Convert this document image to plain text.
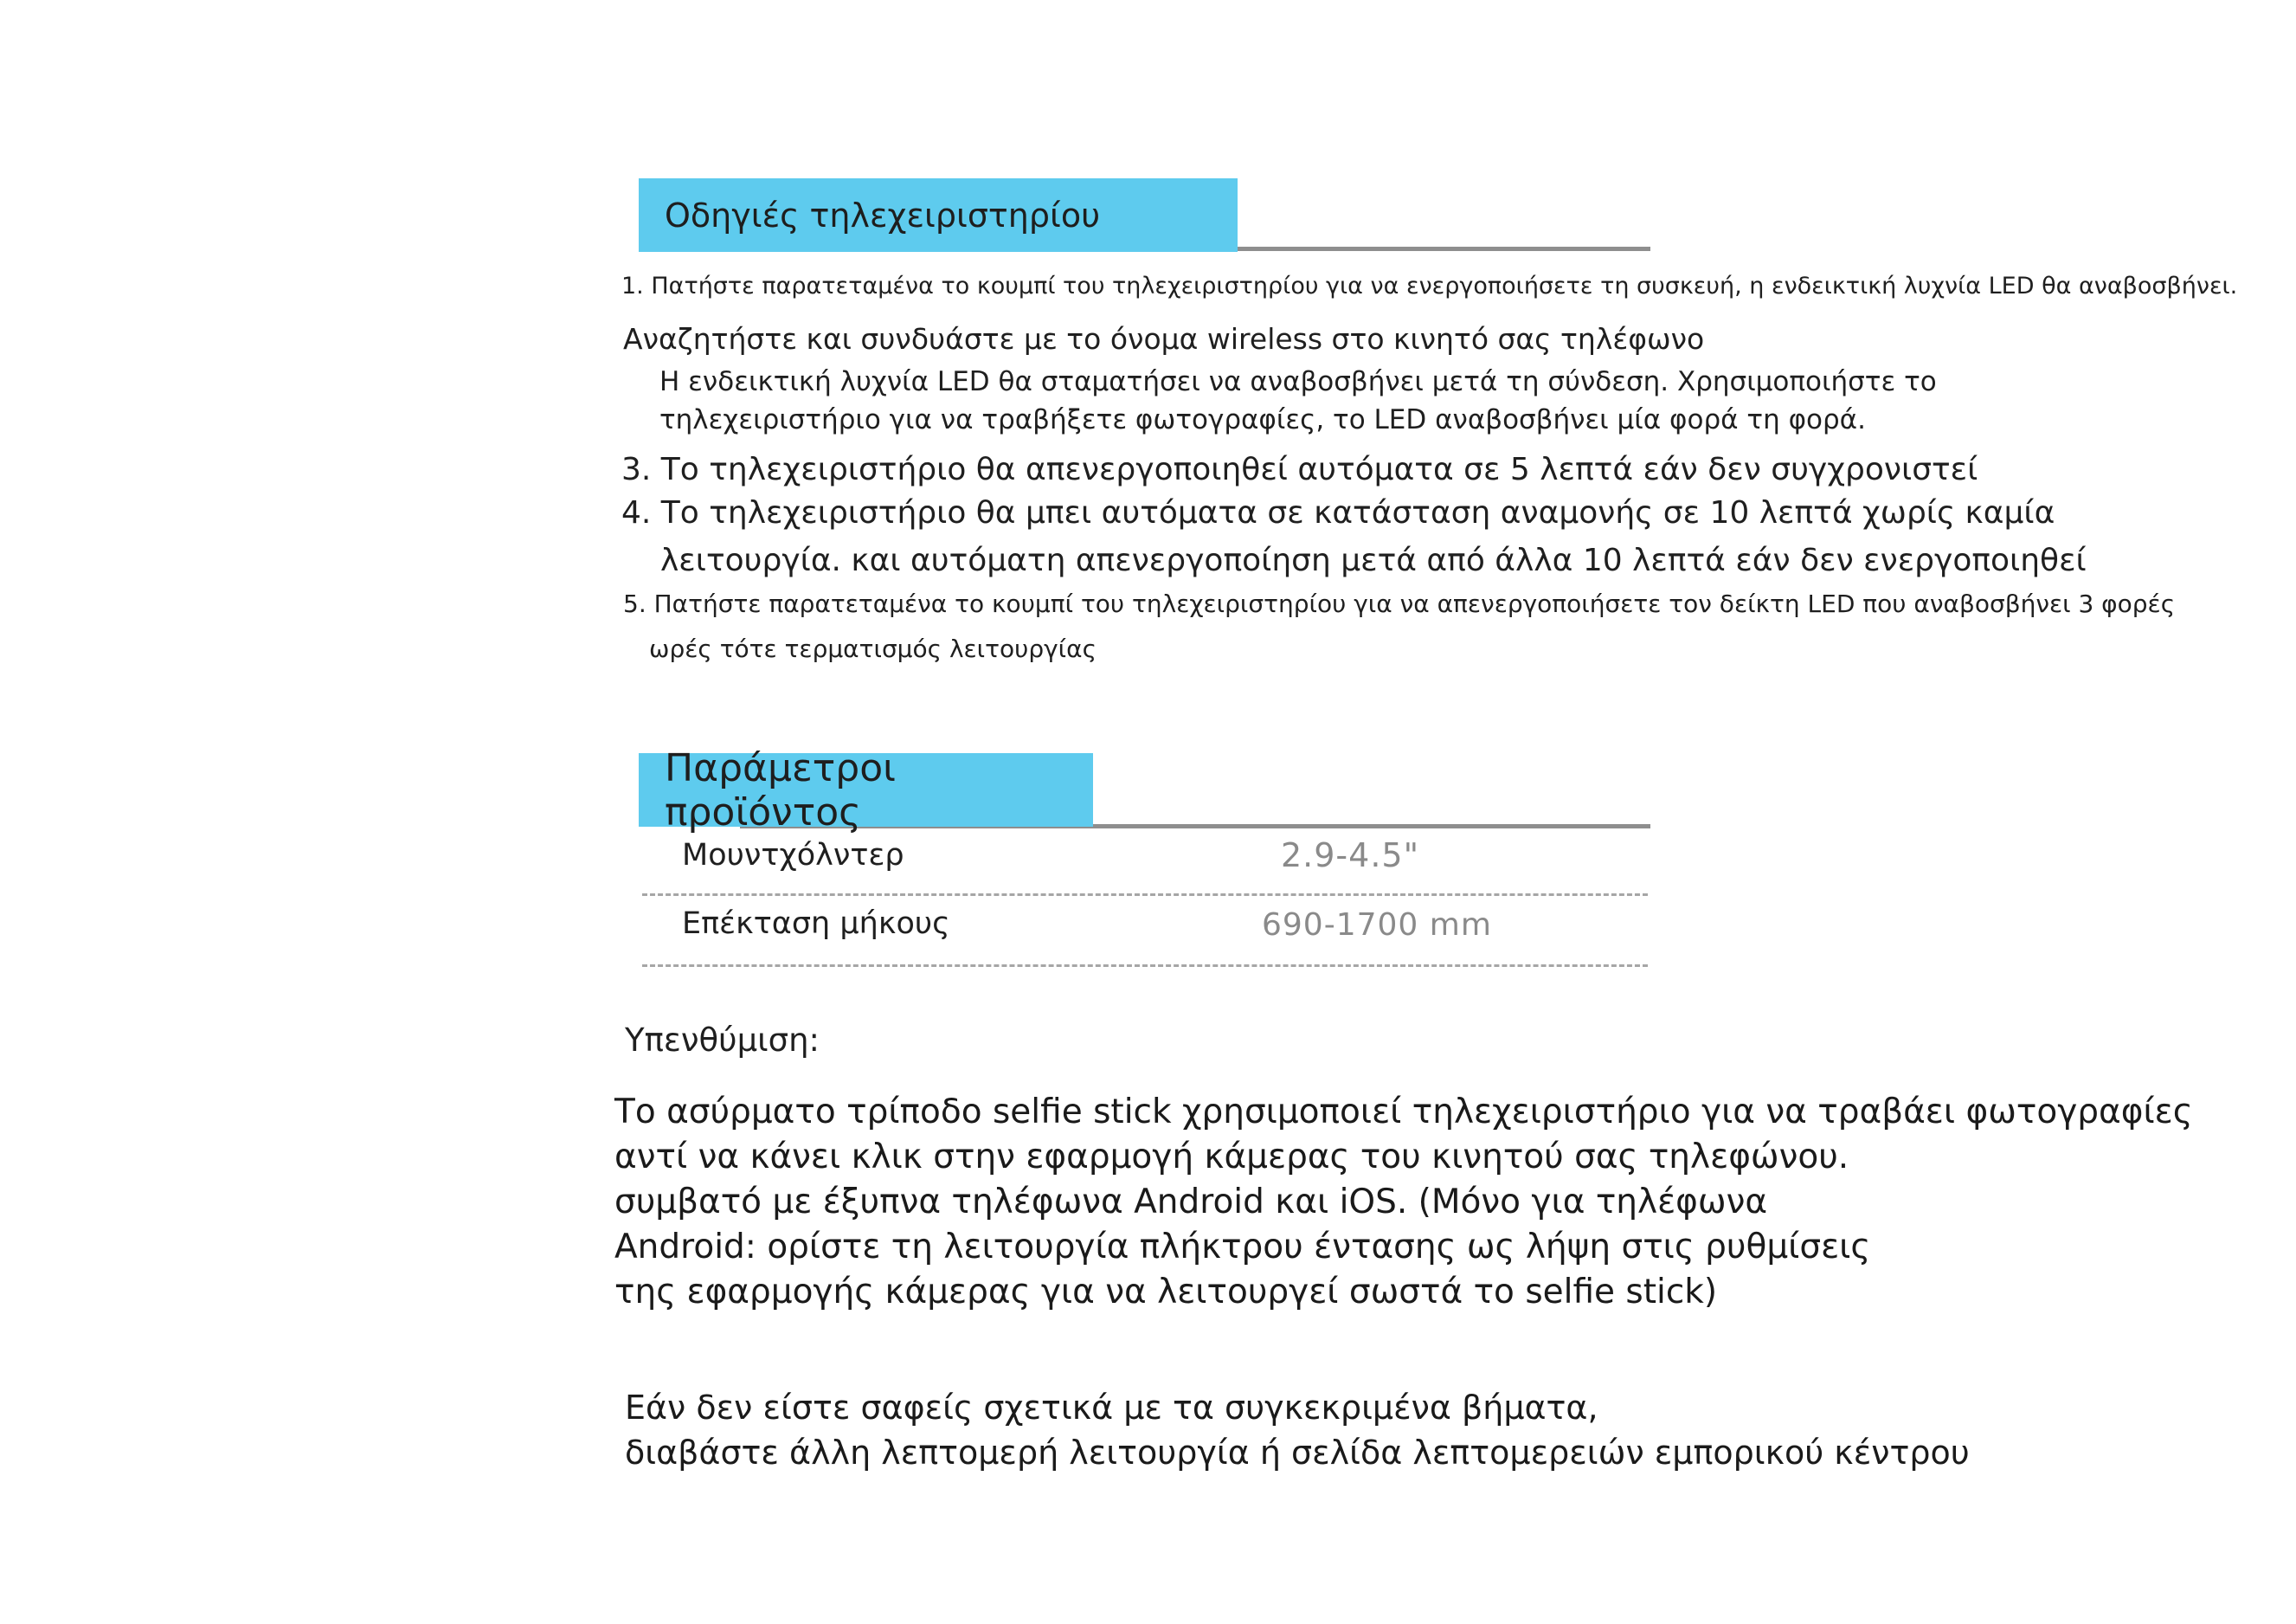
Οδηγιές τηλεχειριστηρίου
1. Πατήστε παρατεταμένα το κουμπί του τηλεχειριστηρίου για να ενεργοποιήσετε τη συσκευή, η ενδεικτική λυχνία LED θα αναβοσβήνει.
Αναζητήστε και συνδυάστε με το όνομα wireless στο κινητό σας τηλέφωνο
Η ενδεικτική λυχνία LED θα σταματήσει να αναβοσβήνει μετά τη σύνδεση. Χρησιμοποιήστε το
τηλεχειριστήριο για να τραβήξετε φωτογραφίες, το LED αναβοσβήνει μία φορά τη φορά.
3. Το τηλεχειριστήριο θα απενεργοποιηθεί αυτόματα σε 5 λεπτά εάν δεν συγχρονιστεί
4. Το τηλεχειριστήριο θα μπει αυτόματα σε κατάσταση αναμονής σε 10 λεπτά χωρίς καμία
λειτουργία. και αυτόματη απενεργοποίηση μετά από άλλα 10 λεπτά εάν δεν ενεργοποιηθεί
5. Πατήστε παρατεταμένα το κουμπί του τηλεχειριστηρίου για να απενεργοποιήσετε τον δείκτη LED που αναβοσβήνει 3 φορές
ωρές τότε τερματισμός λειτουργίας
Παράμετροι προϊόντος
Μουντχόλντερ	2.9-4.5"
Επέκταση μήκους	690-1700 mm
Υπενθύμιση:
Το ασύρματο τρίποδο selfie stick χρησιμοποιεί τηλεχειριστήριο για να τραβάει φωτογραφίες
αντί να κάνει κλικ στην εφαρμογή κάμερας του κινητού σας τηλεφώνου.
συμβατό με έξυπνα τηλέφωνα Android και iOS. (Μόνο για τηλέφωνα
Android: ορίστε τη λειτουργία πλήκτρου έντασης ως λήψη στις ρυθμίσεις
της εφαρμογής κάμερας για να λειτουργεί σωστά το selfie stick)
Εάν δεν είστε σαφείς σχετικά με τα συγκεκριμένα βήματα,
διαβάστε άλλη λεπτομερή λειτουργία ή σελίδα λεπτομερειών εμπορικού κέντρου
